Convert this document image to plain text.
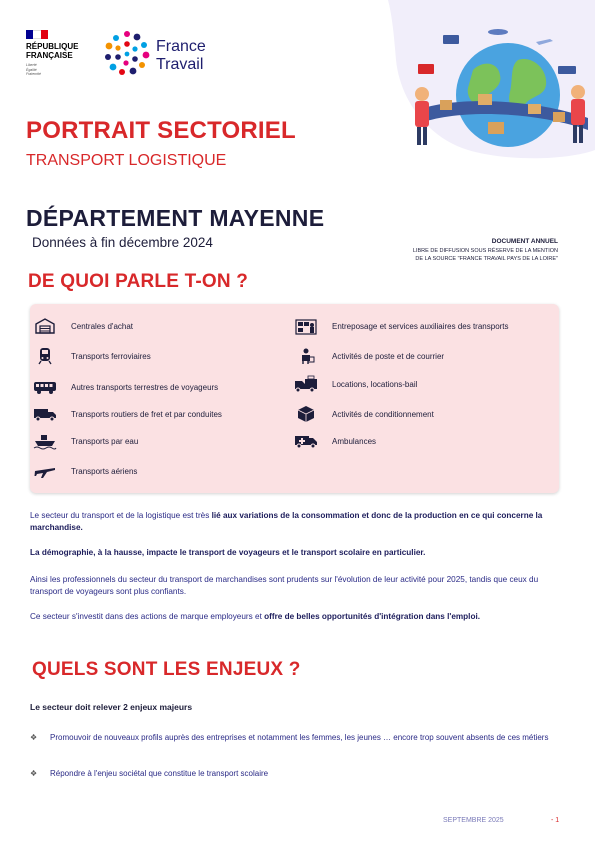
RÉPUBLIQUE
FRANÇAISE
Liberté
Égalité
Fraternité
France
Travail
PORTRAIT SECTORIEL
TRANSPORT LOGISTIQUE
DÉPARTEMENT MAYENNE
Données à fin décembre 2024	DOCUMENT ANNUEL
LIBRE DE DIFFUSION SOUS RÉSERVE DE LA MENTION
DE LA SOURCE "FRANCE TRAVAIL PAYS DE LA LOIRE"
DE QUOI PARLE T-ON ?
Centrales d'achat
Transports ferroviaires
Autres transports terrestres de voyageurs
Transports routiers de fret et par conduites
Transports par eau
Transports aériens
Entreposage et services auxiliaires des transports
Activités de poste et de courrier
Locations, locations-bail
Activités de conditionnement
Ambulances
Le secteur du transport et de la logistique est très lié aux variations de la consommation et donc de la production en ce qui concerne la marchandise.
La démographie, à la hausse, impacte le transport de voyageurs et le transport scolaire en particulier.
Ainsi les professionnels du secteur du transport de marchandises sont prudents sur l'évolution de leur activité pour 2025, tandis que ceux du transport de voyageurs sont plus confiants.
Ce secteur s'investit dans des actions de marque employeurs et offre de belles opportunités d'intégration dans l'emploi.
QUELS SONT LES ENJEUX ?
Le secteur doit relever 2 enjeux majeurs
❖	Promouvoir de nouveaux profils auprès des entreprises et notamment les femmes, les jeunes … encore trop souvent absents de ces métiers
❖	Répondre à l'enjeu sociétal que constitue le transport scolaire
SEPTEMBRE 2025	- 1
